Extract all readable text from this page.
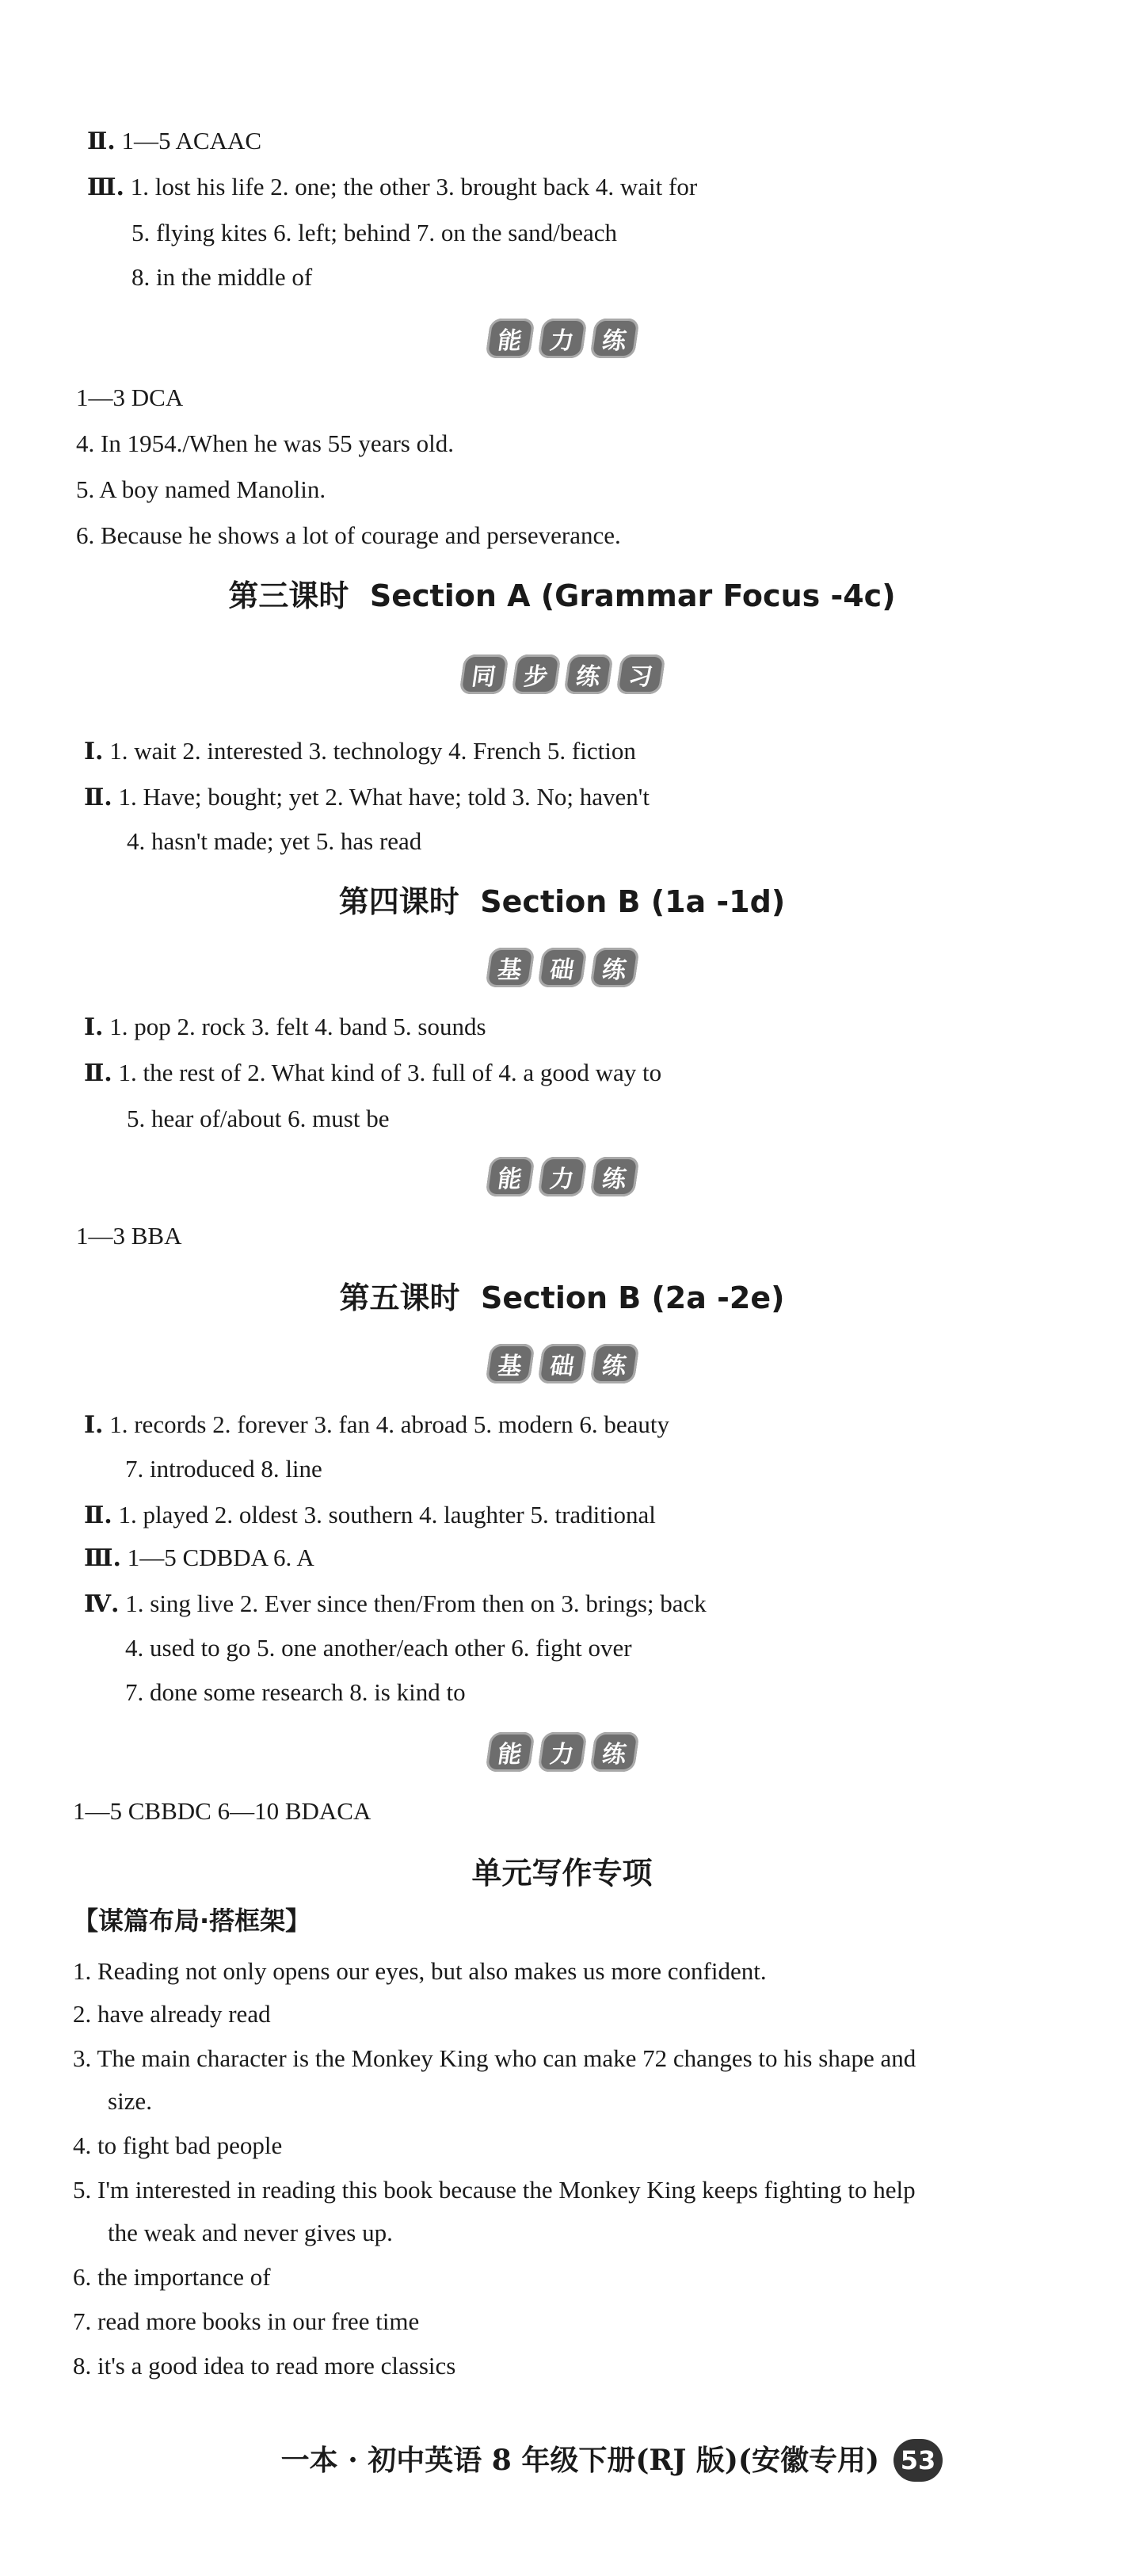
Ⅱ. 1—5 ACAAC
Ⅲ. 1. lost his life 2. one; the other 3. brought back 4. wait for
5. flying kites 6. left; behind 7. on the sand/beach
8. in the middle of
能	力	练
1—3 DCA
4. In 1954./When he was 55 years old.
5. A boy named Manolin.
6. Because he shows a lot of courage and perseverance.
第三课时 Section A (Grammar Focus -4c)
同	步	练	习
Ⅰ. 1. wait 2. interested 3. technology 4. French 5. fiction
Ⅱ. 1. Have; bought; yet 2. What have; told 3. No; haven't
4. hasn't made; yet 5. has read
第四课时 Section B (1a -1d)
基	础	练
Ⅰ. 1. pop 2. rock 3. felt 4. band 5. sounds
Ⅱ. 1. the rest of 2. What kind of 3. full of 4. a good way to
5. hear of/about 6. must be
能	力	练
1—3 BBA
第五课时 Section B (2a -2e)
基	础	练
Ⅰ. 1. records 2. forever 3. fan 4. abroad 5. modern 6. beauty
7. introduced 8. line
Ⅱ. 1. played 2. oldest 3. southern 4. laughter 5. traditional
Ⅲ. 1—5 CDBDA 6. A
Ⅳ. 1. sing live 2. Ever since then/From then on 3. brings; back
4. used to go 5. one another/each other 6. fight over
7. done some research 8. is kind to
能	力	练
1—5 CBBDC 6—10 BDACA
单元写作专项
【谋篇布局·搭框架】
1. Reading not only opens our eyes, but also makes us more confident.
2. have already read
3. The main character is the Monkey King who can make 72 changes to his shape and
size.
4. to fight bad people
5. I'm interested in reading this book because the Monkey King keeps fighting to help
the weak and never gives up.
6. the importance of
7. read more books in our free time
8. it's a good idea to read more classics
一本 · 初中英语 8 年级下册(RJ 版)(安徽专用) 53
